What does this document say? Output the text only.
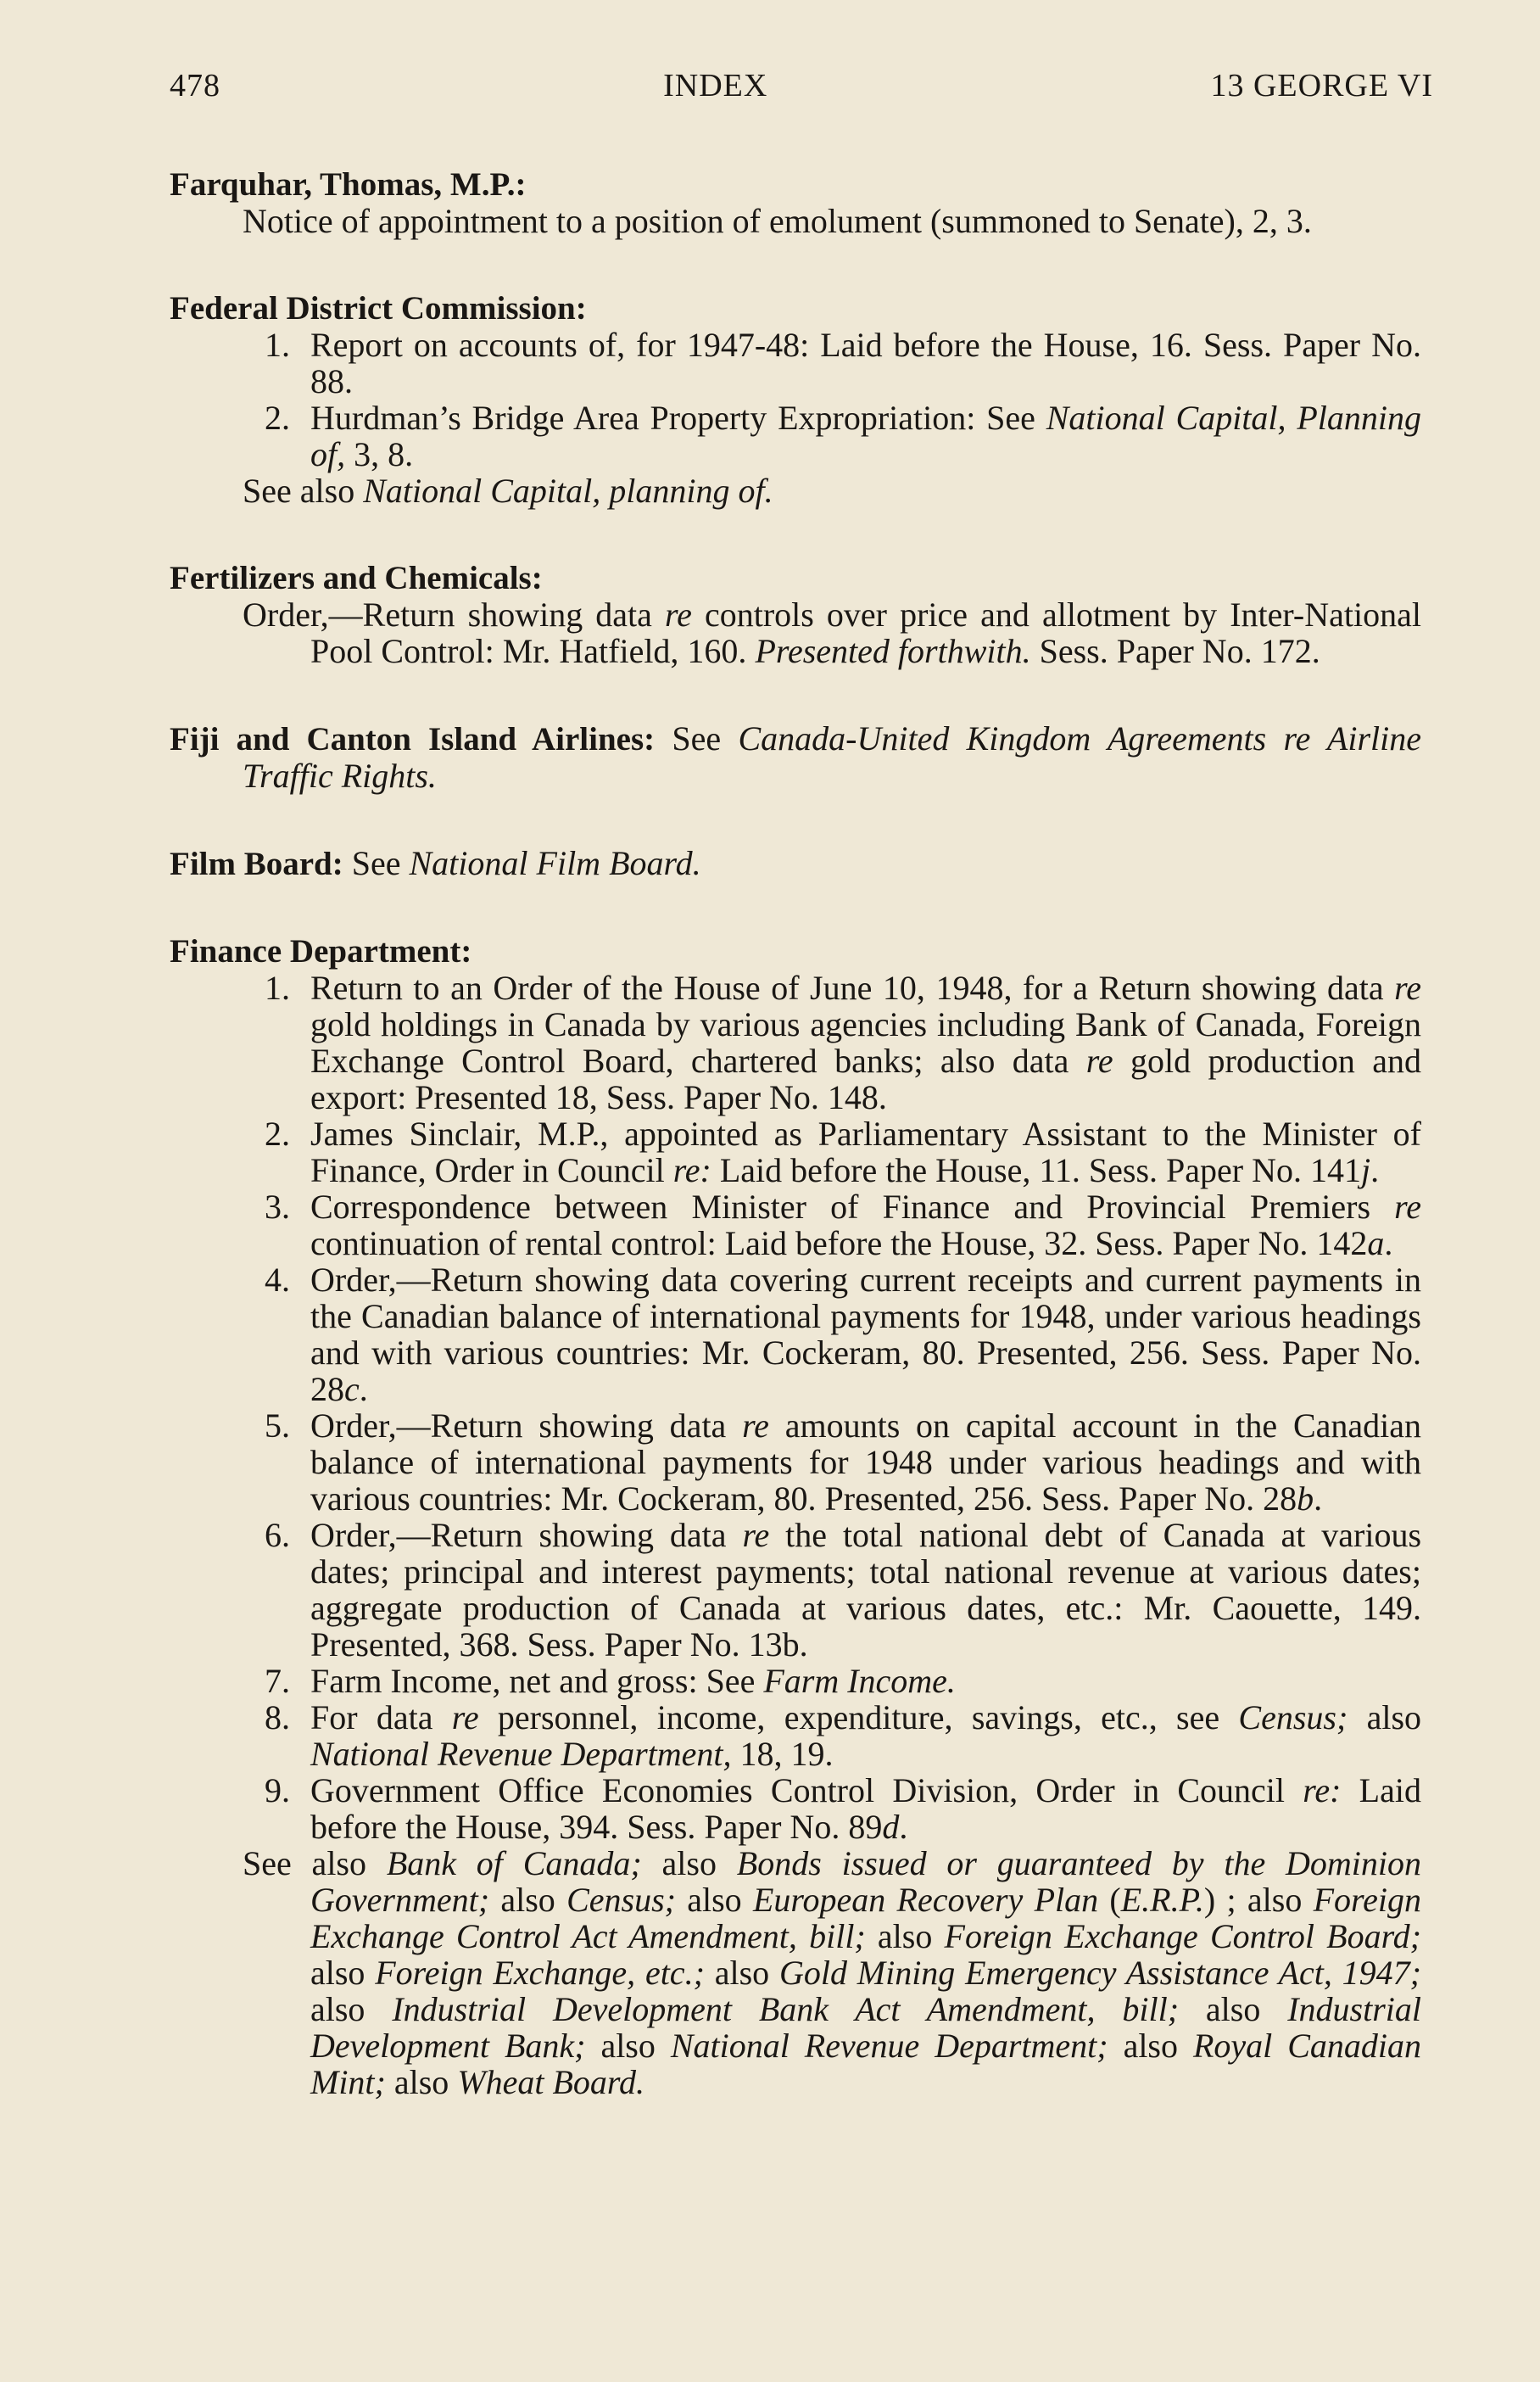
478	INDEX	13 GEORGE VI
Farquhar, Thomas, M.P.:
Notice of appointment to a position of emolument (summoned to Senate), 2, 3.
Federal District Commission:
1. Report on accounts of, for 1947-48: Laid before the House, 16. Sess. Paper No. 88.
2. Hurdman’s Bridge Area Property Expropriation: See National Capital, Planning of, 3, 8.
See also National Capital, planning of.
Fertilizers and Chemicals:
Order,—Return showing data re controls over price and allotment by Inter-National Pool Control: Mr. Hatfield, 160. Presented forthwith. Sess. Paper No. 172.
Fiji and Canton Island Airlines: See Canada-United Kingdom Agreements re Airline Traffic Rights.
Film Board: See National Film Board.
Finance Department:
1. Return to an Order of the House of June 10, 1948, for a Return showing data re gold holdings in Canada by various agencies including Bank of Canada, Foreign Exchange Control Board, chartered banks; also data re gold production and export: Presented 18, Sess. Paper No. 148.
2. James Sinclair, M.P., appointed as Parliamentary Assistant to the Minister of Finance, Order in Council re: Laid before the House, 11. Sess. Paper No. 141j.
3. Correspondence between Minister of Finance and Provincial Premiers re continuation of rental control: Laid before the House, 32. Sess. Paper No. 142a.
4. Order,—Return showing data covering current receipts and current payments in the Canadian balance of international payments for 1948, under various headings and with various countries: Mr. Cockeram, 80. Presented, 256. Sess. Paper No. 28c.
5. Order,—Return showing data re amounts on capital account in the Canadian balance of international payments for 1948 under various headings and with various countries: Mr. Cockeram, 80. Presented, 256. Sess. Paper No. 28b.
6. Order,—Return showing data re the total national debt of Canada at various dates; principal and interest payments; total national revenue at various dates; aggregate production of Canada at various dates, etc.: Mr. Caouette, 149. Presented, 368. Sess. Paper No. 13b.
7. Farm Income, net and gross: See Farm Income.
8. For data re personnel, income, expenditure, savings, etc., see Census; also National Revenue Department, 18, 19.
9. Government Office Economies Control Division, Order in Council re: Laid before the House, 394. Sess. Paper No. 89d.
See also Bank of Canada; also Bonds issued or guaranteed by the Dominion Government; also Census; also European Recovery Plan (E.R.P.) ; also Foreign Exchange Control Act Amendment, bill; also Foreign Exchange Control Board; also Foreign Exchange, etc.; also Gold Mining Emergency Assistance Act, 1947; also Industrial Development Bank Act Amendment, bill; also Industrial Development Bank; also National Revenue Department; also Royal Canadian Mint; also Wheat Board.
